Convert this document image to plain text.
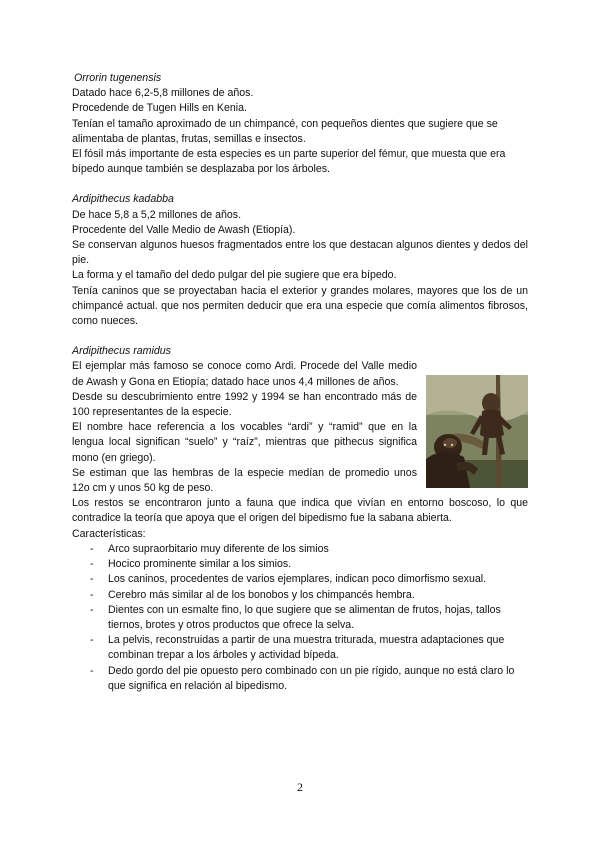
Orrorin tugenensis

Datado hace 6,2-5,8 millones de años.

Procedende de Tugen Hills en Kenia.

Tenían el tamaño aproximado de un chimpancé, con pequeños dientes que sugiere que se alimentaba de plantas, frutas, semillas e insectos.

El fósil más importante de esta especies es un parte superior del fémur, que muesta que era bípedo aunque también se desplazaba por los árboles.

Ardipithecus kadabba

De hace 5,8 a 5,2 millones de años.

Procedente del Valle Medio de Awash (Etiopía).

Se conservan algunos huesos fragmentados entre los que destacan algunos dientes y dedos del pie.

La forma y el tamaño del dedo pulgar del pie sugiere que era bípedo.

Tenía caninos que se proyectaban hacia el exterior y grandes molares, mayores que los de un chimpancé actual. que nos permiten deducir que era una especie que comía alimentos fibrosos, como nueces.

Ardipithecus ramidus

El ejemplar más famoso se conoce como Ardi. Procede del Valle medio de Awash y Gona en Etiopía; datado hace unos 4,4 millones de años.

Desde su descubrimiento entre 1992 y 1994 se han encontrado más de 100 representantes de la especie.

El nombre hace referencia a los vocables “ardi” y “ramid” que en la lengua local significan “suelo” y “raíz”, mientras que pithecus significa mono (en griego).

Se estiman que las hembras de la especie medían de promedio unos 12o cm y unos 50 kg de peso.

Los restos se encontraron junto a fauna que indica que vivían en entorno boscoso, lo que contradice la teoría que apoya que el origen del bipedismo fue la sabana abierta.

Características:

- Arco supraorbitario muy diferente de los simios
- Hocico prominente similar a los simios.
- Los caninos, procedentes de varios ejemplares, indican poco dimorfismo sexual.
- Cerebro más similar al de los bonobos y los chimpancés hembra.
- Dientes con un esmalte fino, lo que sugiere que se alimentan de frutos, hojas, tallos tiernos, brotes y otros productos que ofrece la selva.
- La pelvis, reconstruidas a partir de una muestra triturada, muestra adaptaciones que combinan trepar a los árboles y actividad bípeda.
- Dedo gordo del pie opuesto pero combinado con un pie rígido, aunque no está claro lo que significa en relación al bipedismo.
2
